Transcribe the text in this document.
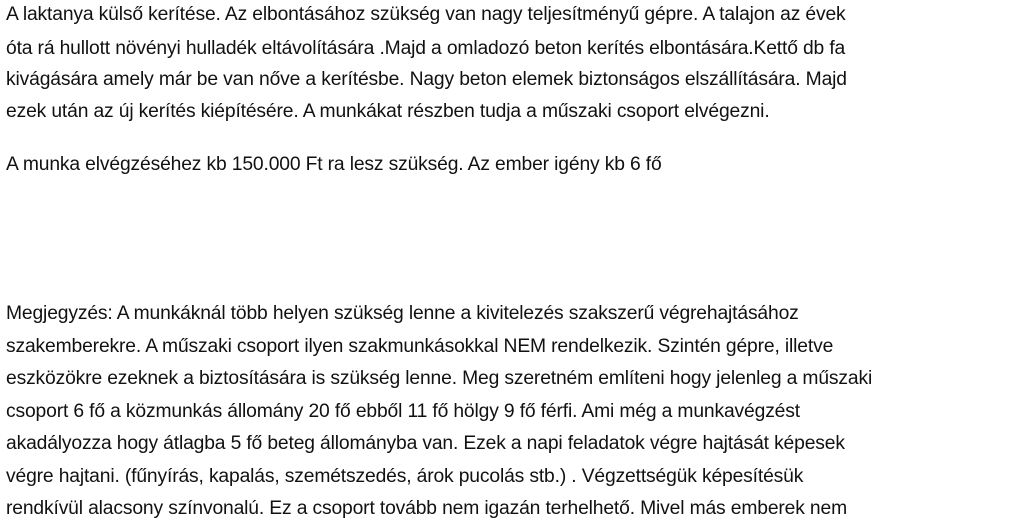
A laktanya külső kerítése. Az elbontásához szükség van nagy teljesítményű gépre. A talajon az évek

óta rá hullott növényi hulladék eltávolítására .Majd a omladozó beton kerítés elbontására.Kettő db fa

kivágására amely már be van nőve a kerítésbe. Nagy beton elemek biztonságos elszállítására. Majd

ezek után az új kerítés kiépítésére. A munkákat részben tudja a műszaki csoport elvégezni.

A munka elvégzéséhez kb 150.000 Ft ra lesz szükség. Az ember igény kb 6 fő

Megjegyzés: A munkáknál több helyen szükség lenne a kivitelezés szakszerű végrehajtásához

szakemberekre. A műszaki csoport ilyen szakmunkásokkal NEM rendelkezik. Szintén gépre, illetve

eszközökre ezeknek a biztosítására is szükség lenne. Meg szeretném említeni hogy jelenleg a műszaki

csoport 6 fő a közmunkás állomány 20 fő ebből 11 fő hölgy 9 fő férfi. Ami még a munkavégzést

akadályozza hogy átlagba 5 fő beteg állományba van. Ezek a napi feladatok végre hajtását képesek

végre hajtani. (fűnyírás, kapalás, szemétszedés, árok pucolás stb.) . Végzettségük képesítésük

rendkívül alacsony színvonalú. Ez a csoport tovább nem igazán terhelhető. Mivel más emberek nem
